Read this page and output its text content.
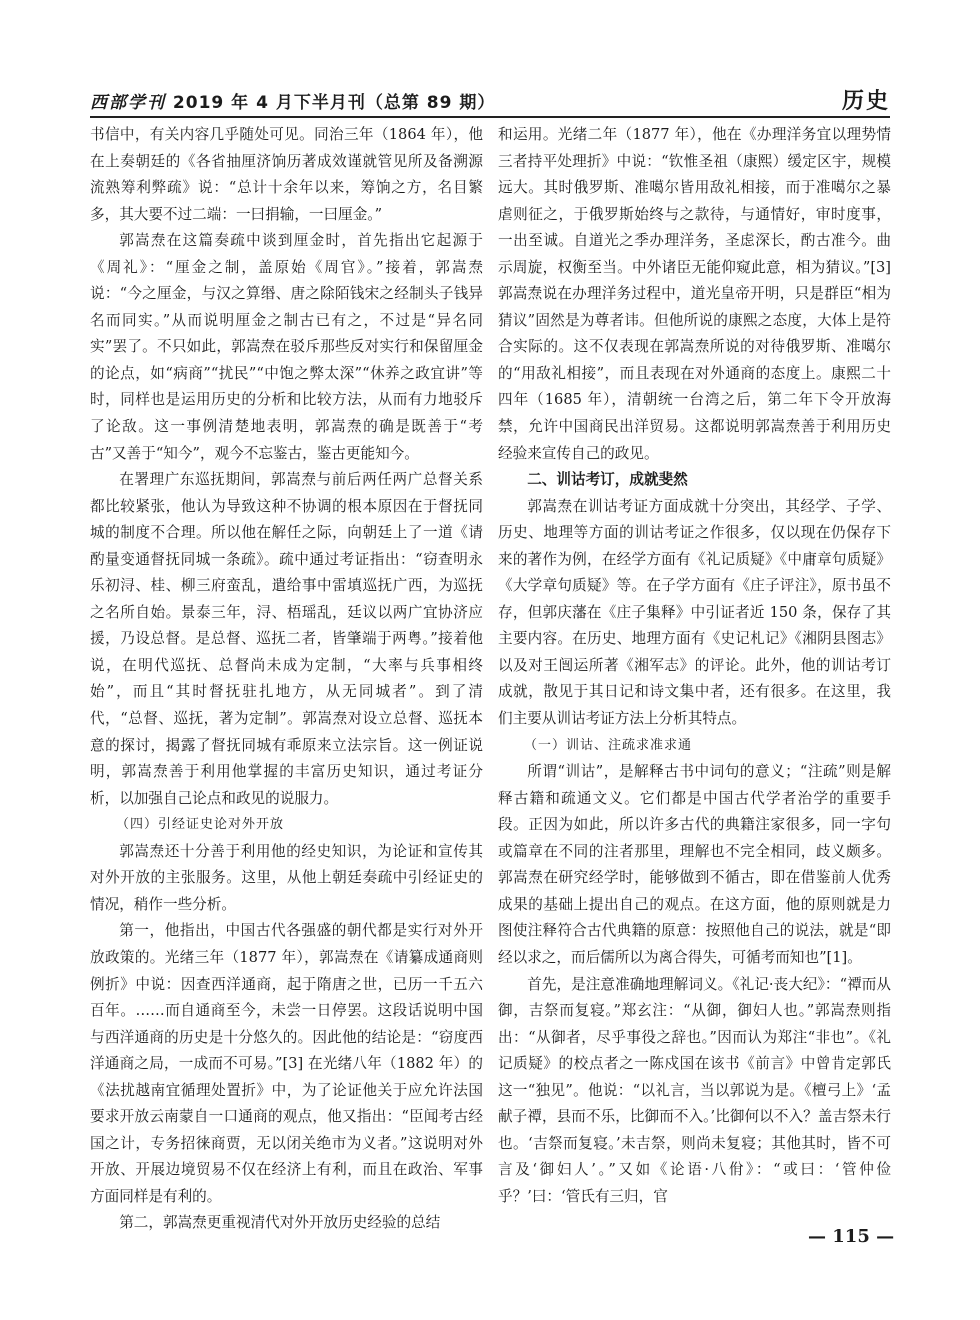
西部学刊 2019 年 4 月下半月刊（总第 89 期）	历史

书信中，有关内容几乎随处可见。同治三年（1864 年），他在上奏朝廷的《各省抽厘济饷历著成效谨就管见所及备溯源流熟筹利弊疏》说：“总计十余年以来，筹饷之方，名目繁多，其大要不过二端：一曰捐输，一曰厘金。”

郭嵩焘在这篇奏疏中谈到厘金时，首先指出它起源于《周礼》：“厘金之制，盖原始《周官》。”接着，郭嵩焘说：“今之厘金，与汉之算缗、唐之除陌钱宋之经制头子钱异名而同实。”从而说明厘金之制古已有之，不过是“异名同实”罢了。不只如此，郭嵩焘在驳斥那些反对实行和保留厘金的论点，如“病商”“扰民”“中饱之弊太深”“休养之政宜讲”等时，同样也是运用历史的分析和比较方法，从而有力地驳斥了论敌。这一事例清楚地表明，郭嵩焘的确是既善于“考古”又善于“知今”，观今不忘鉴古，鉴古更能知今。

在署理广东巡抚期间，郭嵩焘与前后两任两广总督关系都比较紧张，他认为导致这种不协调的根本原因在于督抚同城的制度不合理。所以他在解任之际，向朝廷上了一道《请酌量变通督抚同城一条疏》。疏中通过考证指出：“窃查明永乐初浔、桂、柳三府蛮乱，遣给事中雷填巡抚广西，为巡抚之名所自始。景泰三年，浔、梧瑶乱，廷议以两广宜协济应援，乃设总督。是总督、巡抚二者，皆肇端于两粤。”接着他说，在明代巡抚、总督尚未成为定制，“大率与兵事相终始”，而且“其时督抚驻扎地方，从无同城者”。到了清代，“总督、巡抚，著为定制”。郭嵩焘对设立总督、巡抚本意的探讨，揭露了督抚同城有乖原来立法宗旨。这一例证说明，郭嵩焘善于利用他掌握的丰富历史知识，通过考证分析，以加强自己论点和政见的说服力。

（四）引经证史论对外开放

郭嵩焘还十分善于利用他的经史知识，为论证和宣传其对外开放的主张服务。这里，从他上朝廷奏疏中引经证史的情况，稍作一些分析。

第一，他指出，中国古代各强盛的朝代都是实行对外开放政策的。光绪三年（1877 年），郭嵩焘在《请纂成通商则例折》中说：因查西洋通商，起于隋唐之世，已历一千五六百年。……而自通商至今，未尝一日停罢。这段话说明中国与西洋通商的历史是十分悠久的。因此他的结论是：“窃度西洋通商之局，一成而不可易。”[3] 在光绪八年（1882 年）的《法扰越南宜循理处置折》中，为了论证他关于应允许法国要求开放云南蒙自一口通商的观点，他又指出：“臣闻考古经国之计，专务招徕商贾，无以闭关绝市为义者。”这说明对外开放、开展边境贸易不仅在经济上有利，而且在政治、军事方面同样是有利的。

第二，郭嵩焘更重视清代对外开放历史经验的总结

和运用。光绪二年（1877 年），他在《办理洋务宜以理势情三者持平处理折》中说：“钦惟圣祖（康熙）缓定区宇，规模远大。其时俄罗斯、准噶尔皆用敌礼相接，而于准噶尔之暴虐则征之，于俄罗斯始终与之款待，与通情好，审时度事，一出至诚。自道光之季办理洋务，圣虑深长，酌古准今。曲示周旋，权衡至当。中外诸臣无能仰窥此意，相为猜议。”[3] 郭嵩焘说在办理洋务过程中，道光皇帝开明，只是群臣“相为猜议”固然是为尊者讳。但他所说的康熙之态度，大体上是符合实际的。这不仅表现在郭嵩焘所说的对待俄罗斯、准噶尔的“用敌礼相接”，而且表现在对外通商的态度上。康熙二十四年（1685 年），清朝统一台湾之后，第二年下令开放海禁，允许中国商民出洋贸易。这都说明郭嵩焘善于利用历史经验来宣传自己的政见。

二、训诂考订，成就斐然

郭嵩焘在训诂考证方面成就十分突出，其经学、子学、历史、地理等方面的训诂考证之作很多，仅以现在仍保存下来的著作为例，在经学方面有《礼记质疑》《中庸章句质疑》《大学章句质疑》等。在子学方面有《庄子评注》，原书虽不存，但郭庆藩在《庄子集释》中引证者近 150 条，保存了其主要内容。在历史、地理方面有《史记札记》《湘阴县图志》以及对王闿运所著《湘军志》的评论。此外，他的训诂考订成就，散见于其日记和诗文集中者，还有很多。在这里，我们主要从训诂考证方法上分析其特点。

（一）训诂、注疏求准求通

所谓“训诂”，是解释古书中词句的意义；“注疏”则是解释古籍和疏通文义。它们都是中国古代学者治学的重要手段。正因为如此，所以许多古代的典籍注家很多，同一字句或篇章在不同的注者那里，理解也不完全相同，歧义颇多。郭嵩焘在研究经学时，能够做到不循古，即在借鉴前人优秀成果的基础上提出自己的观点。在这方面，他的原则就是力图使注释符合古代典籍的原意：按照他自己的说法，就是“即经以求之，而后儒所以为离合得失，可循考而知也”[1]。

首先，是注意准确地理解词义。《礼记·丧大纪》：“禫而从御，吉祭而复寝。”郑玄注：“从御，御妇人也。”郭嵩焘则指出：“从御者，尽乎事役之辞也。”因而认为郑注“非也”。《礼记质疑》的校点者之一陈戍国在该书《前言》中曾肯定郭氏这一“独见”。他说：“以礼言，当以郭说为是。《檀弓上》‘孟献子禫，县而不乐，比御而不入。’比御何以不入？盖吉祭未行也。‘吉祭而复寝。’未吉祭，则尚未复寝；其他其时，皆不可言及‘御妇人’。”又如《论语·八佾》：“或曰：‘管仲俭乎？’曰：‘管氏有三归，官

— 115 —
